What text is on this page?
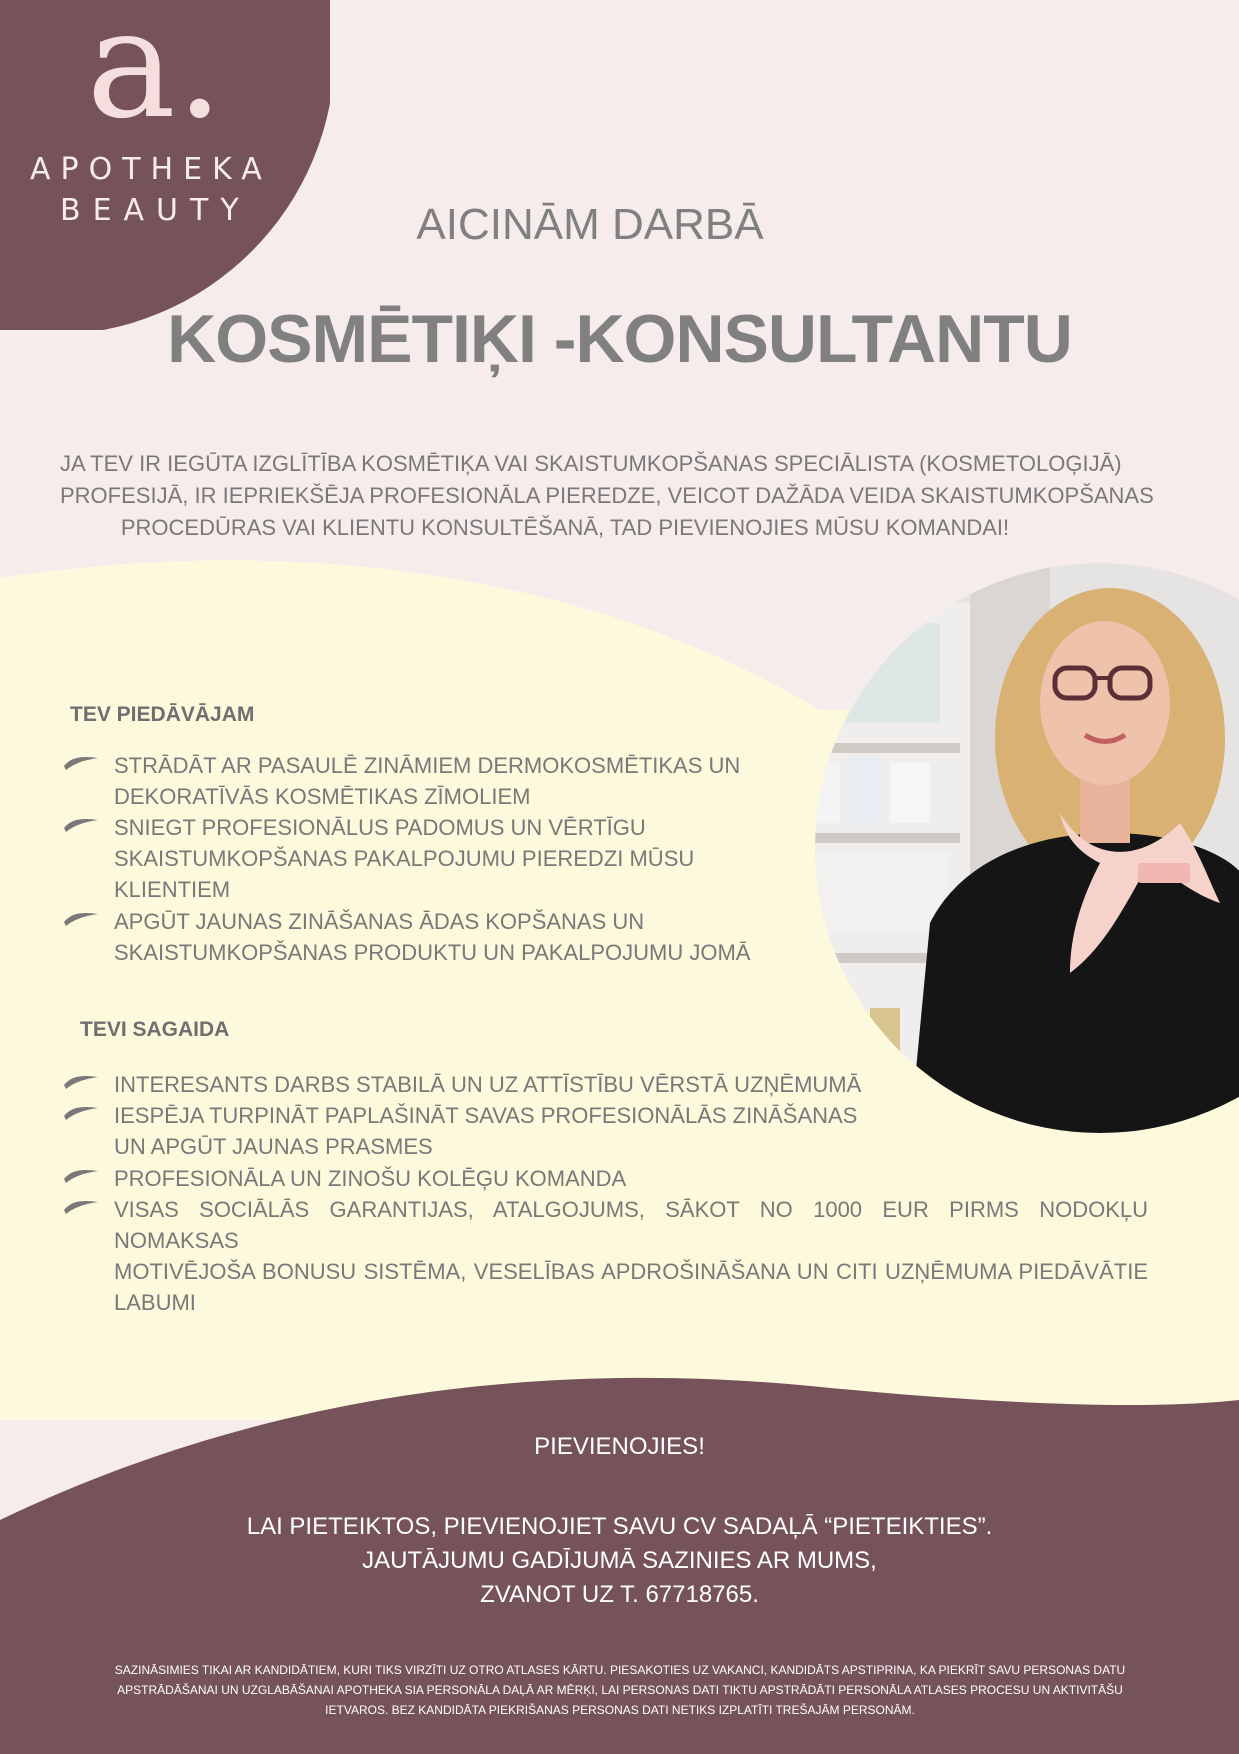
a.
APOTHEKA
BEAUTY	AICINĀM DARBĀ
KOSMĒTIĶI -KONSULTANTU
JA TEV IR IEGŪTA IZGLĪTĪBA KOSMĒTIĶA VAI SKAISTUMKOPŠANAS SPECIĀLISTA (KOSMETOLOĢIJĀ)
PROFESIJĀ, IR IEPRIEKŠĒJA PROFESIONĀLA PIEREDZE, VEICOT DAŽĀDA VEIDA SKAISTUMKOPŠANAS
PROCEDŪRAS VAI KLIENTU KONSULTĒŠANĀ, TAD PIEVIENOJIES MŪSU KOMANDAI!
TEV PIEDĀVĀJAM
STRĀDĀT AR PASAULĒ ZINĀMIEM DERMOKOSMĒTIKAS UN
DEKORATĪVĀS KOSMĒTIKAS ZĪMOLIEM
SNIEGT PROFESIONĀLUS PADOMUS UN VĒRTĪGU
SKAISTUMKOPŠANAS PAKALPOJUMU PIEREDZI MŪSU
KLIENTIEM
APGŪT JAUNAS ZINĀŠANAS ĀDAS KOPŠANAS UN
SKAISTUMKOPŠANAS PRODUKTU UN PAKALPOJUMU JOMĀ
TEVI SAGAIDA
INTERESANTS DARBS STABILĀ UN UZ ATTĪSTĪBU VĒRSTĀ UZŅĒMUMĀ
IESPĒJA TURPINĀT PAPLAŠINĀT SAVAS PROFESIONĀLĀS ZINĀŠANAS
UN APGŪT JAUNAS PRASMES
PROFESIONĀLA UN ZINOŠU KOLĒĢU KOMANDA
VISAS SOCIĀLĀS GARANTIJAS, ATALGOJUMS, SĀKOT NO 1000 EUR PIRMS NODOKĻU NOMAKSAS
MOTIVĒJOŠA BONUSU SISTĒMA, VESELĪBAS APDROŠINĀŠANA UN CITI UZŅĒMUMA PIEDĀVĀTIE
LABUMI
PIEVIENOJIES!
LAI PIETEIKTOS, PIEVIENOJIET SAVU CV SADAĻĀ “PIETEIKTIES”.
JAUTĀJUMU GADĪJUMĀ SAZINIES AR MUMS,
ZVANOT UZ T. 67718765.
SAZINĀSIMIES TIKAI AR KANDIDĀTIEM, KURI TIKS VIRZĪTI UZ OTRO ATLASES KĀRTU. PIESAKOTIES UZ VAKANCI, KANDIDĀTS APSTIPRINA, KA PIEKRĪT SAVU PERSONAS DATU
APSTRĀDĀŠANAI UN UZGLABĀŠANAI APOTHEKA SIA PERSONĀLA DAĻĀ AR MĒRĶI, LAI PERSONAS DATI TIKTU APSTRĀDĀTI PERSONĀLA ATLASES PROCESU UN AKTIVITĀŠU
IETVAROS. BEZ KANDIDĀTA PIEKRIŠANAS PERSONAS DATI NETIKS IZPLATĪTI TREŠAJĀM PERSONĀM.
